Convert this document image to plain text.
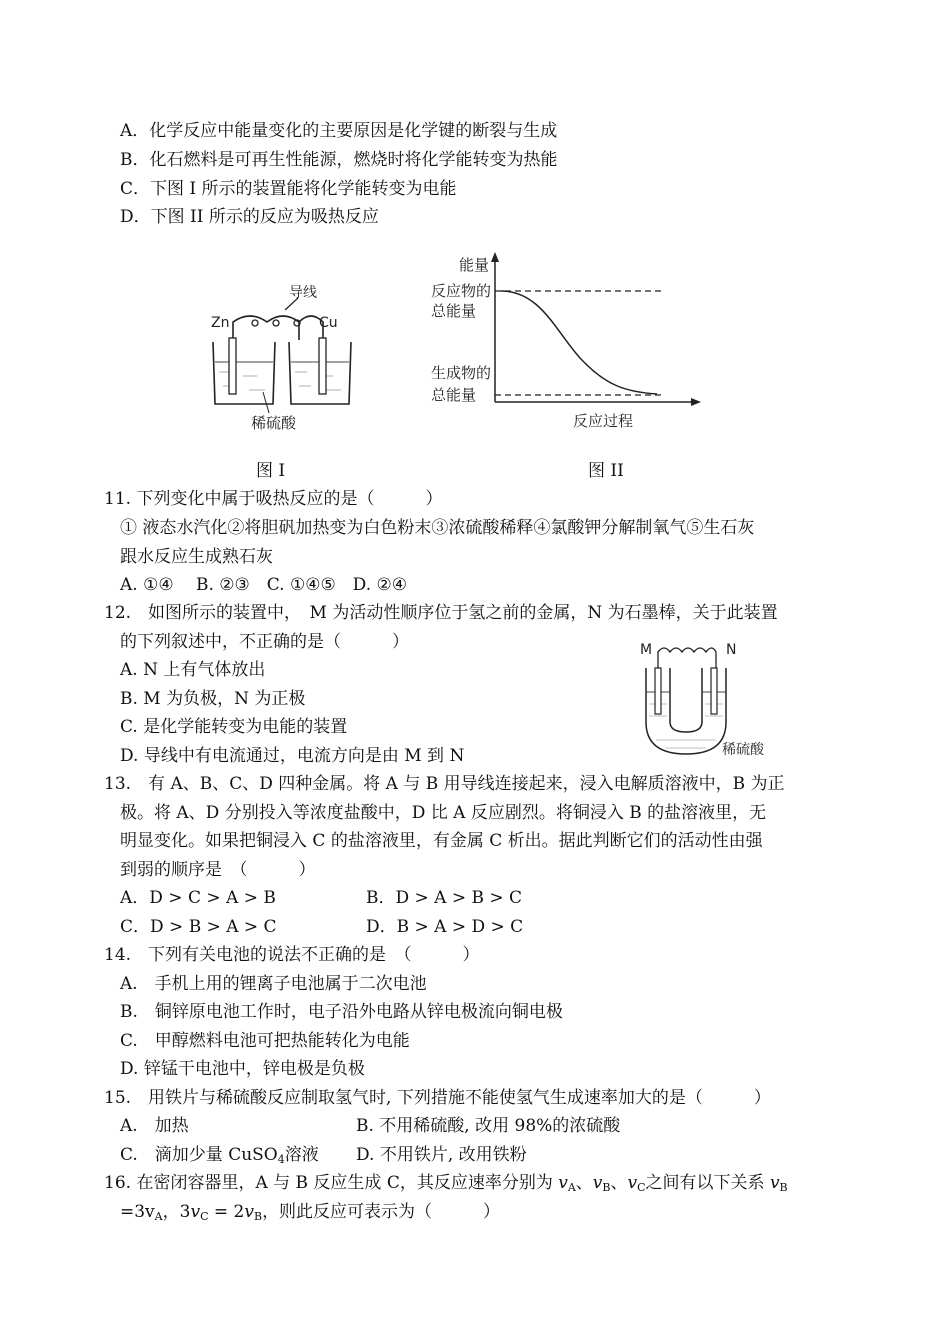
A．化学反应中能量变化的主要原因是化学键的断裂与生成
B．化石燃料是可再生性能源，燃烧时将化学能转变为热能
C．下图 I 所示的装置能将化学能转变为电能
D．下图 II 所示的反应为吸热反应
导线
Zn	Cu
稀硫酸
图 I
能量
反应物的
总能量
生成物的
总能量
反应过程
图 II
11. 下列变化中属于吸热反应的是（　　　）
① 液态水汽化②将胆矾加热变为白色粉末③浓硫酸稀释④氯酸钾分解制氧气⑤生石灰
跟水反应生成熟石灰
A. ①④　 B. ②③　C. ①④⑤　D. ②④
12.　如图所示的装置中，　M 为活动性顺序位于氢之前的金属，N 为石墨棒，关于此装置
的下列叙述中，不正确的是（　　　）
A. N 上有气体放出
B. M 为负极，N 为正极
C. 是化学能转变为电能的装置
D. 导线中有电流通过，电流方向是由 M 到 N
M	N
稀硫酸
13.　有 A、B、C、D 四种金属。将 A 与 B 用导线连接起来，浸入电解质溶液中，B 为正
极。将 A、D 分别投入等浓度盐酸中，D 比 A 反应剧烈。将铜浸入 B 的盐溶液里，无
明显变化。如果把铜浸入 C 的盐溶液里，有金属 C 析出。据此判断它们的活动性由强
到弱的顺序是　（　　　）
A．D > C > A > B	B．D > A > B > C
C．D > B > A > C	D．B > A > D > C
14.　下列有关电池的说法不正确的是　（　　　）
A.　手机上用的锂离子电池属于二次电池
B.　铜锌原电池工作时，电子沿外电路从锌电极流向铜电极
C.　甲醇燃料电池可把热能转化为电能
D. 锌锰干电池中，锌电极是负极
15.　用铁片与稀硫酸反应制取氢气时, 下列措施不能使氢气生成速率加大的是（　　　）
A.　加热	B. 不用稀硫酸, 改用 98%的浓硫酸
C.　滴加少量 CuSO$_4$溶液 D. 不用铁片, 改用铁粉
16. 在密闭容器里，A 与 B 反应生成 C，其反应速率分别为 $v_A$、$v_B$、$v_C$之间有以下关系 $v_B$
$=3v_A$，$3v_C = 2v_B$，则此反应可表示为（　　　）
